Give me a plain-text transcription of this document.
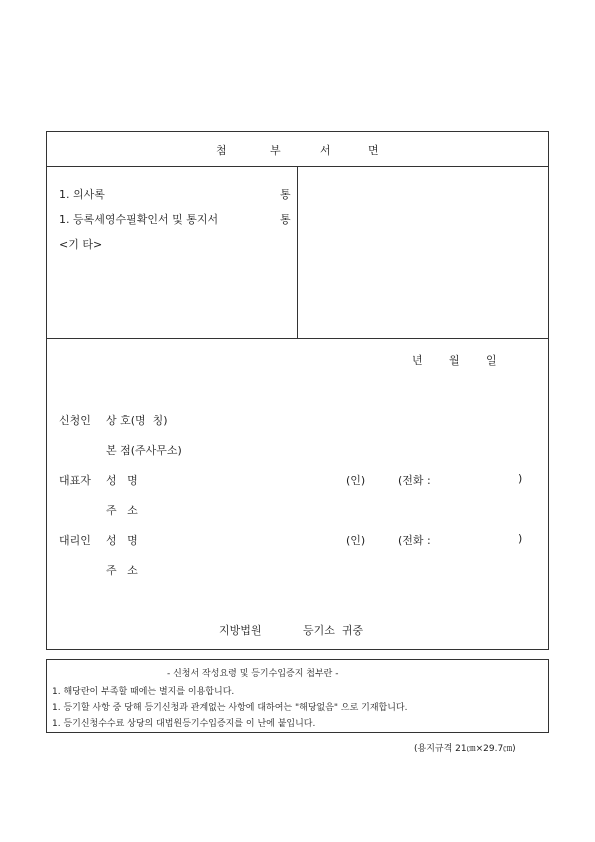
첨	부	서	면
1. 의사록	통
1. 등록세영수필확인서 및 통지서	통
<기 타>
년 월 일
신청인 상 호(명  칭)
본 점(주사무소)
대표자 성   명	(인)	(전화 :	)
주   소
대리인 성   명	(인)	(전화 :	)
주   소
지방법원	등기소  귀중
- 신청서 작성요령 및 등기수입증지 첩부란 -
1. 해당란이 부족할 때에는 별지를 이용합니다.
1. 등기할 사항 중 당해 등기신청과 관계없는 사항에 대하여는 "해당없음" 으로 기재합니다.
1. 등기신청수수료 상당의 대법원등기수입증지를 이 난에 붙입니다.
(용지규격 21㎝×29.7㎝)
